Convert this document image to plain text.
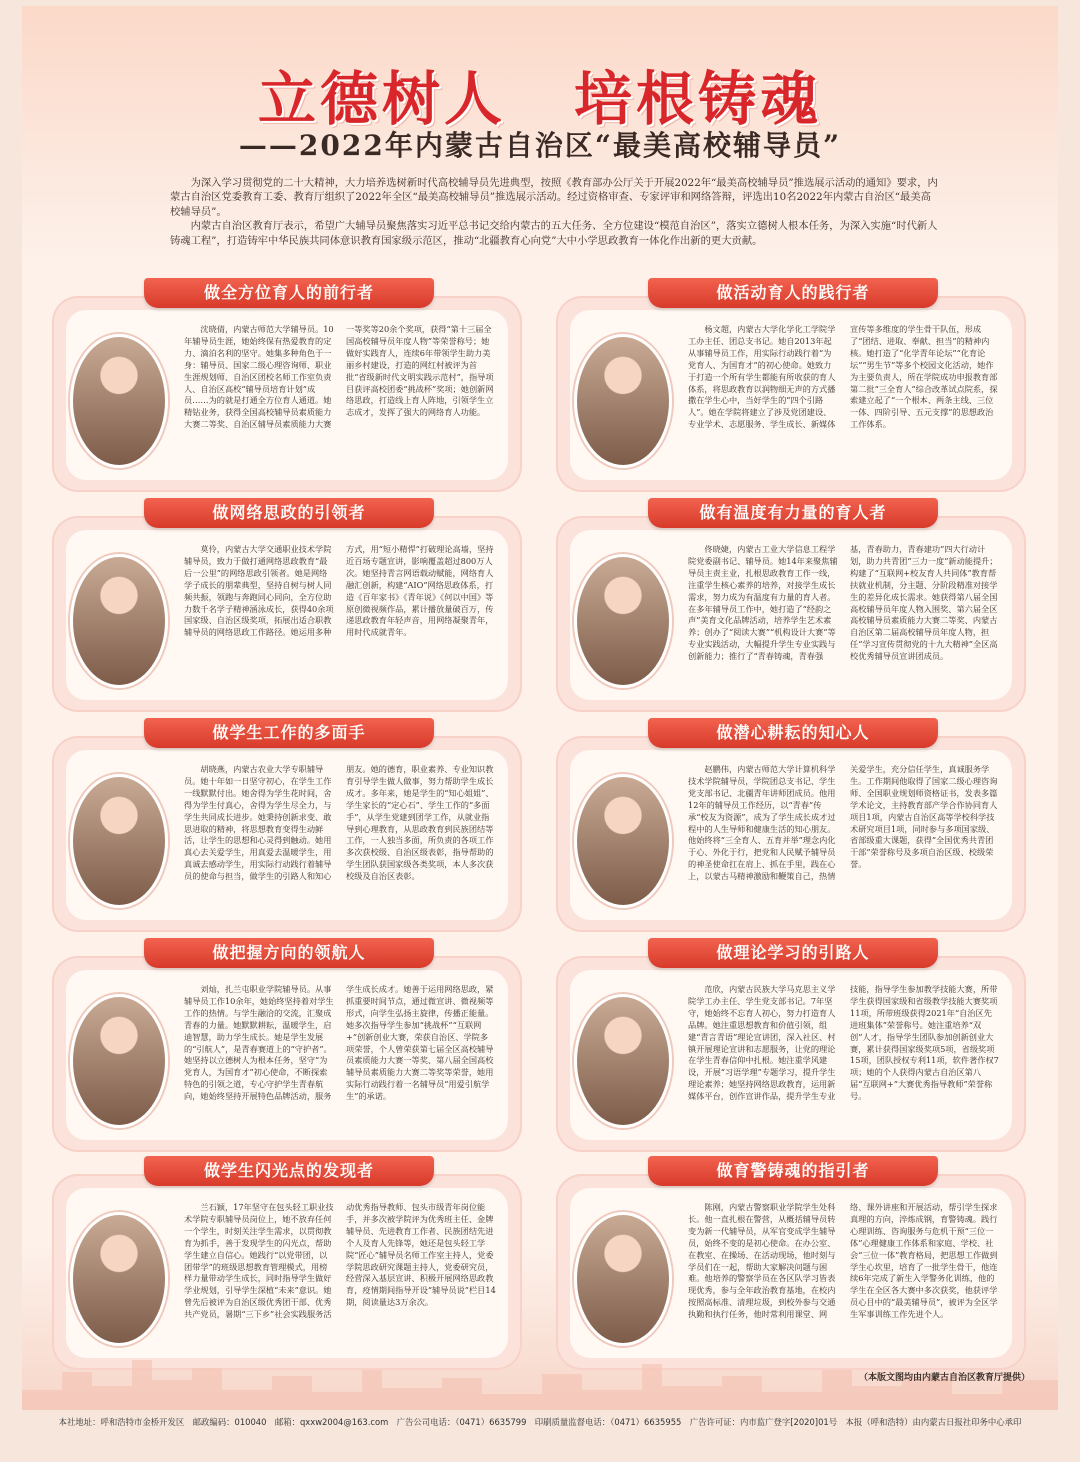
立德树人 培根铸魂
——2022年内蒙古自治区“最美高校辅导员”

为深入学习贯彻党的二十大精神，大力培养选树新时代高校辅导员先进典型，按照《教育部办公厅关于开展2022年“最美高校辅导员”推选展示活动的通知》要求，内蒙古自治区党委教育工委、教育厅组织了2022年全区“最美高校辅导员”推选展示活动。经过资格审查、专家评审和网络答辩，评选出10名2022年内蒙古自治区“最美高校辅导员”。

内蒙古自治区教育厅表示，希望广大辅导员聚焦落实习近平总书记交给内蒙古的五大任务、全方位建设“模范自治区”，落实立德树人根本任务，为深入实施“时代新人铸魂工程”，打造铸牢中华民族共同体意识教育国家级示范区，推动“北疆教育心向党”大中小学思政教育一体化作出新的更大贡献。

做全方位育人的前行者
沈晓倩，内蒙古师范大学辅导员。10年辅导员生涯，她始终保有热爱教育的定力、滴泊名利的坚守。她集多种角色于一身：辅导员、国家二级心理咨询师、职业生涯规划师、自治区团校名师工作室负责人、自治区高校“辅导员培育计划”成员……为的就是打通全方位育人通道。她精钻业务，获得全国高校辅导员素质能力大赛二等奖、自治区辅导员素质能力大赛一等奖等20余个奖项，获得“第十三届全国高校辅导员年度人物”等荣誉称号；她做好实践育人，连续6年带领学生助力美丽乡村建设，打造的网红村被评为首批“省级新时代文明实践示范村”，指导项目获评高校团委“挑战杯”奖项；她创新网络思政，打造线上育人阵地，引领学生立志成才，发挥了强大的网络育人功能。
做活动育人的践行者
杨文超，内蒙古大学化学化工学院学工办主任、团总支书记。她自2013年起从事辅导员工作，用实际行动践行着“为党育人、为国育才”的初心使命。她致力于打造一个所有学生都能有所收获的育人体系，将思政教育以润物细无声的方式播撒在学生心中，当好学生的“四个引路人”。她在学院将建立了涉及党团建设、专业学术、志愿服务、学生成长、新媒体宣传等多维度的学生骨干队伍，形成了“团结、进取、奉献、担当”的精神内核。她打造了“化学青年论坛”“化育论坛”“男生节”等多个校园文化活动，她作为主要负责人，所在学院成功申报教育部第二批“三全育人”综合改革试点院系，探索建立起了“一个根本、两条主线、三位一体、四阶引导、五元支撑”的思想政治工作体系。
做网络思政的引领者
莫伶，内蒙古大学交通职业技术学院辅导员，致力于做打通网络思政教育“最后一公里”的网络思政引领者。她是网络学子成长的朋辈典型，坚持自树与树人同频共振，领跑与奔跑同心同向，全方位助力数千名学子精神涵泳成长，获得40余项国家级、自治区级奖项，拓展出适合职教辅导员的网络思政工作路径。她运用多种方式，用“短小精悍”打破理论高墙，坚持近百场专题宣讲，影响覆盖超过800万人次。她坚持青言网语载动赋能，网络育人融汇创新，构建“AIO”网络思政体系，打造《百年家书》《青年说》《何以中国》等原创微视频作品，累计播放量破百万，传递思政教育年轻声音，用网络凝聚青年，用时代成就青年。
做有温度有力量的育人者
佟晓婕，内蒙古工业大学信息工程学院党委副书记、辅导员。她14年来聚焦辅导员主责主业，扎根思政教育工作一线，注重学生核心素养的培养，对接学生成长需求，努力成为有温度有力量的育人者。在多年辅导员工作中，她打造了“经韵之声”美育文化品牌活动，培养学生艺术素养；创办了“阅读大赛”“机构设计大赛”等专业实践活动，大幅提升学生专业实践与创新能力；推行了“青春铸魂，青春强基，青春助力，青春建功”四大行动计划，助力共青团“三力一度”新动能提升；构建了“互联网+校友育人共同体”教育帮扶就业机制，分主题、分阶段精准对接学生的差异化成长需求。她获得第八届全国高校辅导员年度人物入围奖、第六届全区高校辅导员素质能力大赛二等奖、内蒙古自治区第二届高校辅导员年度人物，担任“学习宣传贯彻党的十九大精神”全区高校优秀辅导员宣讲团成员。
做学生工作的多面手
胡晓燕，内蒙古农业大学专职辅导员。她十年如一日坚守初心，在学生工作一线默默付出。她舍得为学生花时间，舍得为学生付真心，舍得为学生尽全力，与学生共同成长进步。她秉持创新求变、敢思进取的精神，将思想教育变得生动鲜活，让学生的思想和心灵得到触动。她用真心去关爱学生，用真爱去温暖学生，用真诚去感动学生，用实际行动践行着辅导员的使命与担当，做学生的引路人和知心朋友。她的德育，职业素养、专业知识教育引导学生做人做事，努力帮助学生成长成才。多年来，她是学生的“知心姐姐”、学生家长的“定心石”、学生工作的“多面手”，从学生党建到团学工作，从就业指导到心理教育，从思政教育到民族团结等工作，一人独当多面，所负责的各项工作多次获校级、自治区级表彰，指导帮助的学生团队获国家级各类奖项，本人多次获校级及自治区表彰。
做潜心耕耘的知心人
赵鹏伟，内蒙古师范大学计算机科学技术学院辅导员，学院团总支书记、学生党支部书记、北疆青年讲师团成员。他用12年的辅导员工作经历，以“青春”传承“校友为资源”，成为了学生成长成才过程中的人生导师和健康生活的知心朋友。他始终将“三全育人、五育并举”理念内化于心、外化于行，把党和人民赋予辅导员的神圣使命扛在肩上、抓在手里，践在心上，以蒙古马精神激励和鞭策自己，热情关爱学生，充分信任学生，真诚服务学生。工作期间他取得了国家二级心理咨询师、全国职业规划师资格证书，发表多篇学术论文，主持教育部产学合作协同育人项目1项，内蒙古自治区高等学校科学技术研究项目1项，同时参与多项国家级、省部级重大课题，获得“全国优秀共青团干部”荣誉称号及多项自治区级、校级荣誉。
做把握方向的领航人
刘灿，扎兰屯职业学院辅导员。从事辅导员工作10余年，她始终坚持着对学生工作的热情。与学生融洽的交流，汇聚成青春的力量。她默默耕耘，温暖学生，启迪智慧，助力学生成长。她是学生发展的“引航人”，是青春赛道上的“守护者”。她坚持以立德树人为根本任务，坚守“为党育人，为国育才”初心使命，不断探索特色的引领之道，专心守护学生青春航向，她始终坚持开展特色品牌活动，服务学生成长成才。她善于运用网络思政，紧抓重要时间节点，通过微宣讲、微视频等形式，向学生弘扬主旋律，传播正能量。她多次指导学生参加“挑战杯”“互联网+”创新创业大赛，荣获自治区、学院多项荣誉，个人曾荣获第七届全区高校辅导员素质能力大赛一等奖、第八届全国高校辅导员素质能力大赛二等奖等荣誉，她用实际行动践行着一名辅导员“用爱引航学生”的承诺。
做理论学习的引路人
范欣，内蒙古民族大学马克思主义学院学工办主任、学生党支部书记。7年坚守，她始终不忘育人初心，努力打造育人品牌。她注重思想教育和价值引领，组建“青言青语”理论宣讲团，深入社区、村镇开展理论宣讲和志愿服务，让党的理论在学生青春信仰中扎根。她注重学风建设，开展“习语学理”专题学习，提升学生理论素养；她坚持网络思政教育，运用新媒体平台，创作宣讲作品，提升学生专业技能，指导学生参加教学技能大赛，所带学生获得国家级和省级教学技能大赛奖项11项，所带班级获得2021年“自治区先进班集体”荣誉称号。她注重培养“双创”人才，指导学生团队参加创新创业大赛，累计获得国家级奖项5项，省级奖项15项，团队授权专利11项，软件著作权7项；她的个人获得内蒙古自治区第八届“互联网+”大赛优秀指导教师”荣誉称号。
做学生闪光点的发现者
兰石颖，17年坚守在包头轻工职业技术学院专职辅导员岗位上，她不放弃任何一个学生，时刻关注学生需求，以贯彻教育为抓手，善于发现学生的闪光点，帮助学生建立自信心。她践行“以党带团，以团带学”的班级思想教育管理模式，用榜样力量带动学生成长，同时指导学生做好学业规划，引导学生深植“未来”意识。她曾先后被评为自治区级优秀团干部、优秀共产党员，暑期“三下乡”社会实践服务活动优秀指导教师、包头市级青年岗位能手，并多次被学院评为优秀班主任、金牌辅导员、先进教育工作者、民族团结先进个人及育人先锋等，她还是包头轻工学院“匠心”辅导员名师工作室主持人，党委学院思政研究课题主持人，党委研究员，经营深入基层宣讲、积极开展网络思政教育，疫情期间指导开设“辅导员说”栏目14期，阅读量达3万余次。
做育警铸魂的指引者
陈刚，内蒙古警察职业学院学生处科长。他一直扎根在警营，从概括辅导员转变为新一代辅导员，从军官变成学生辅导员，始终不变的是初心使命。在办公室、在教室、在操场、在活动现场，他时刻与学员们在一起，帮助大家解决问题与困难。他培养的警察学员在各区队学习皆表现优秀，参与全年政治教育基地，在校内按照高标准、清理垃圾，到校外参与交通执勤和执行任务，他时常利用课堂、网络、课外讲座和开展活动，帮引学生探求真理的方向，淬炼成钢，育警铸魂。践行心理训练、咨询服务与危机干预“三位一体”心理健康工作体系和家庭、学校、社会“三位一体”教育格局，把思想工作做到学生心坎里，培育了一批学生骨干，他连续6年完成了新生入学警务化训练，他的学生在全区各大赛中多次获奖，他获评学员心目中的“最美辅导员”，被评为全区学生军事训练工作先进个人。
（本版文图均由内蒙古自治区教育厅提供）
本社地址：呼和浩特市金桥开发区　邮政编码：010040　邮箱：qxxw2004@163.com　广告公司电话：（0471）6635799　印刷质量监督电话：（0471）6635955　广告许可证：内市监广登字[2020]01号　本报（呼和浩特）由内蒙古日报社印务中心承印
